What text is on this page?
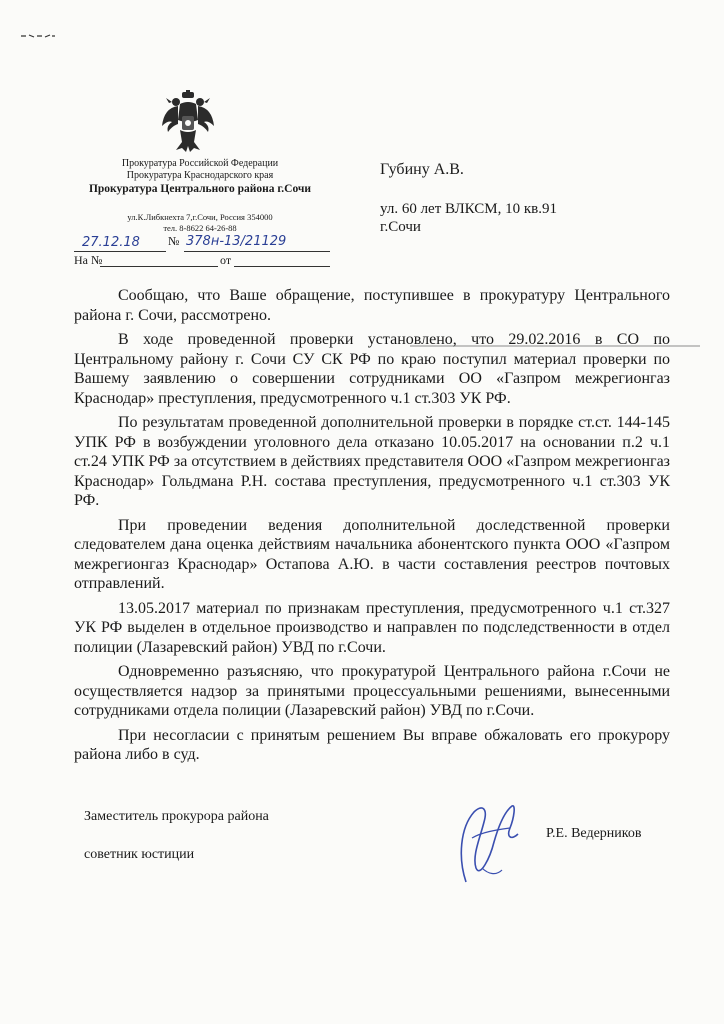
Прокуратура Российской Федерации
Прокуратура Краснодарского края
Прокуратура Центрального района г.Сочи
ул.К.Либкнехта 7,г.Сочи, Россия 354000
тел. 8-8622 64-26-88
27.12.18	№ 378н-13/21129
На №	от
Губину А.В.
ул. 60 лет ВЛКСМ, 10 кв.91
г.Сочи

Сообщаю, что Ваше обращение, поступившее в прокуратуру Центрального района г. Сочи, рассмотрено.

В ходе проведенной проверки установлено, что 29.02.2016 в СО по Центральному району г. Сочи СУ СК РФ по краю поступил материал проверки по Вашему заявлению о совершении сотрудниками ОО «Газпром межрегионгаз Краснодар» преступления, предусмотренного ч.1 ст.303 УК РФ.

По результатам проведенной дополнительной проверки в порядке ст.ст. 144-145 УПК РФ в возбуждении уголовного дела отказано 10.05.2017 на основании п.2 ч.1 ст.24 УПК РФ за отсутствием в действиях представителя ООО «Газпром межрегионгаз Краснодар» Гольдмана Р.Н. состава преступления, предусмотренного ч.1 ст.303 УК РФ.

При проведении ведения дополнительной доследственной проверки следователем дана оценка действиям начальника абонентского пункта ООО «Газпром межрегионгаз Краснодар» Остапова А.Ю. в части составления реестров почтовых отправлений.

13.05.2017 материал по признакам преступления, предусмотренного ч.1 ст.327 УК РФ выделен в отдельное производство и направлен по подследственности в отдел полиции (Лазаревский район) УВД по г.Сочи.

Одновременно разъясняю, что прокуратурой Центрального района г.Сочи не осуществляется надзор за принятыми процессуальными решениями, вынесенными сотрудниками отдела полиции (Лазаревский район) УВД по г.Сочи.

При несогласии с принятым решением Вы вправе обжаловать его прокурору района либо в суд.

Заместитель прокурора района
советник юстиции
Р.Е. Ведерников
